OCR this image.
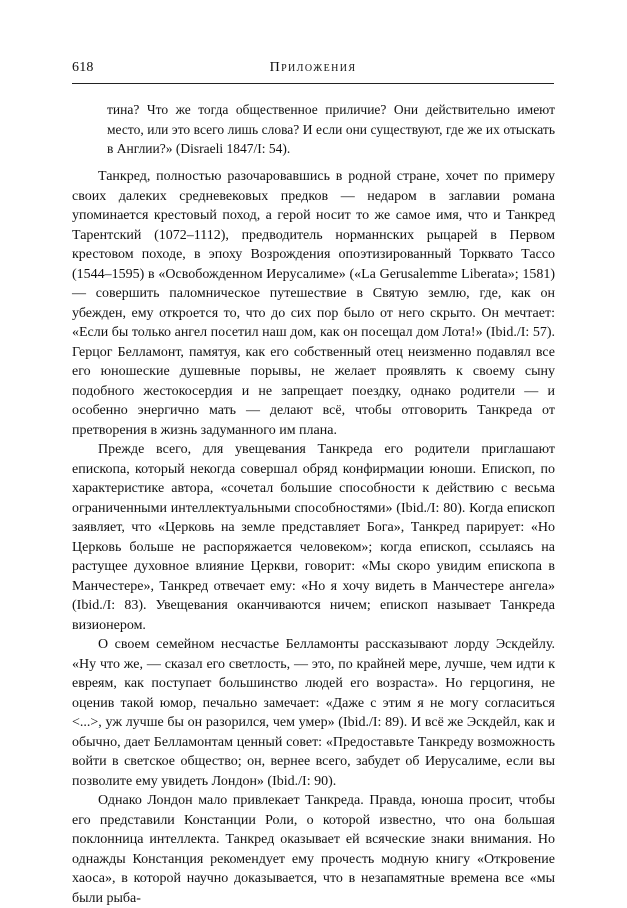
618	Приложения
тина? Что же тогда общественное приличие? Они действительно имеют место, или это всего лишь слова? И если они существуют, где же их отыскать в Англии?» (Disraeli 1847/I: 54).

Танкред, полностью разочаровавшись в родной стране, хочет по примеру своих далеких средневековых предков — недаром в заглавии романа упоминается крестовый поход, а герой носит то же самое имя, что и Танкред Тарентский (1072–1112), предводитель норманнских рыцарей в Первом крестовом походе, в эпоху Возрождения опоэтизированный Торквато Тассо (1544–1595) в «Освобожденном Иерусалиме» («La Gerusalemme Liberata»; 1581) — совершить паломническое путешествие в Святую землю, где, как он убежден, ему откроется то, что до сих пор было от него скрыто. Он мечтает: «Если бы только ангел посетил наш дом, как он посещал дом Лота!» (Ibid./I: 57). Герцог Белламонт, памятуя, как его собственный отец неизменно подавлял все его юношеские душевные порывы, не желает проявлять к своему сыну подобного жестокосердия и не запрещает поездку, однако родители — и особенно энергично мать — делают всё, чтобы отговорить Танкреда от претворения в жизнь задуманного им плана.

Прежде всего, для увещевания Танкреда его родители приглашают епископа, который некогда совершал обряд конфирмации юноши. Епископ, по характеристике автора, «сочетал большие способности к действию с весьма ограниченными интеллектуальными способностями» (Ibid./I: 80). Когда епископ заявляет, что «Церковь на земле представляет Бога», Танкред парирует: «Но Церковь больше не распоряжается человеком»; когда епископ, ссылаясь на растущее духовное влияние Церкви, говорит: «Мы скоро увидим епископа в Манчестере», Танкред отвечает ему: «Но я хочу видеть в Манчестере ангела» (Ibid./I: 83). Увещевания оканчиваются ничем; епископ называет Танкреда визионером.

О своем семейном несчастье Белламонты рассказывают лорду Эскдейлу. «Ну что же, — сказал его светлость, — это, по крайней мере, лучше, чем идти к евреям, как поступает большинство людей его возраста». Но герцогиня, не оценив такой юмор, печально замечает: «Даже с этим я не могу согласиться <...>, уж лучше бы он разорился, чем умер» (Ibid./I: 89). И всё же Эскдейл, как и обычно, дает Белламонтам ценный совет: «Предоставьте Танкреду возможность войти в светское общество; он, вернее всего, забудет об Иерусалиме, если вы позволите ему увидеть Лондон» (Ibid./I: 90).

Однако Лондон мало привлекает Танкреда. Правда, юноша просит, чтобы его представили Констанции Роли, о которой известно, что она большая поклонница интеллекта. Танкред оказывает ей всяческие знаки внимания. Но однажды Констанция рекомендует ему прочесть модную книгу «Откровение хаоса», в которой научно доказывается, что в незапамятные времена все «мы были рыба-
